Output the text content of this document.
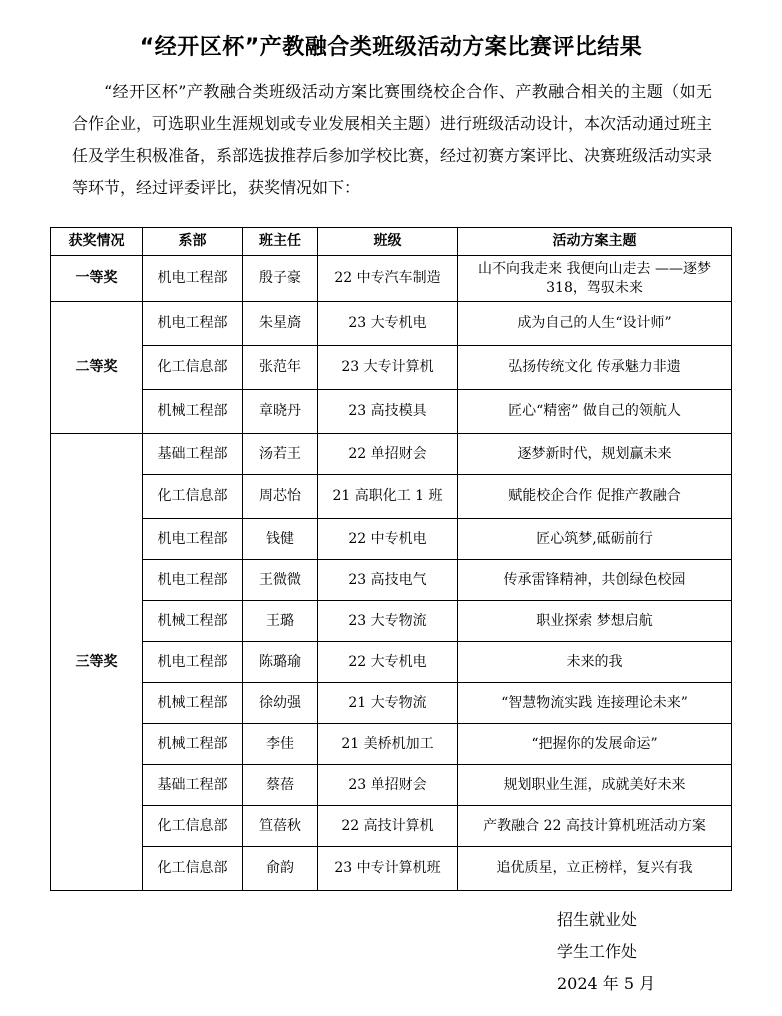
“经开区杯”产教融合类班级活动方案比赛评比结果
“经开区杯”产教融合类班级活动方案比赛围绕校企合作、产教融合相关的主题（如无合作企业，可选职业生涯规划或专业发展相关主题）进行班级活动设计，本次活动通过班主任及学生积极准备，系部选拔推荐后参加学校比赛，经过初赛方案评比、决赛班级活动实录等环节，经过评委评比，获奖情况如下：
获奖情况	系部	班主任	班级	活动方案主题
一等奖	机电工程部	殷子豪	22 中专汽车制造	山不向我走来 我便向山走去 ——逐梦 318，驾驭未来
二等奖	机电工程部	朱星旖	23 大专机电	成为自己的人生“设计师”
	化工信息部	张范年	23 大专计算机	弘扬传统文化 传承魅力非遗
	机械工程部	章晓丹	23 高技模具	匠心“精密” 做自己的领航人
三等奖	基础工程部	汤若王	22 单招财会	逐梦新时代，规划赢未来
	化工信息部	周芯怡	21 高职化工 1 班	赋能校企合作 促推产教融合
	机电工程部	钱健	22 中专机电	匠心筑梦,砥砺前行
	机电工程部	王微微	23 高技电气	传承雷锋精神，共创绿色校园
	机械工程部	王璐	23 大专物流	职业探索 梦想启航
	机电工程部	陈璐瑜	22 大专机电	未来的我
	机械工程部	徐幼强	21 大专物流	“智慧物流实践 连接理论未来”
	机械工程部	李佳	21 美桥机加工	“把握你的发展命运”
	基础工程部	蔡蓓	23 单招财会	规划职业生涯，成就美好未来
	化工信息部	笪蓓秋	22 高技计算机	产教融合 22 高技计算机班活动方案
	化工信息部	俞韵	23 中专计算机班	追优质星，立正榜样，复兴有我
招生就业处
学生工作处
2024 年 5 月
